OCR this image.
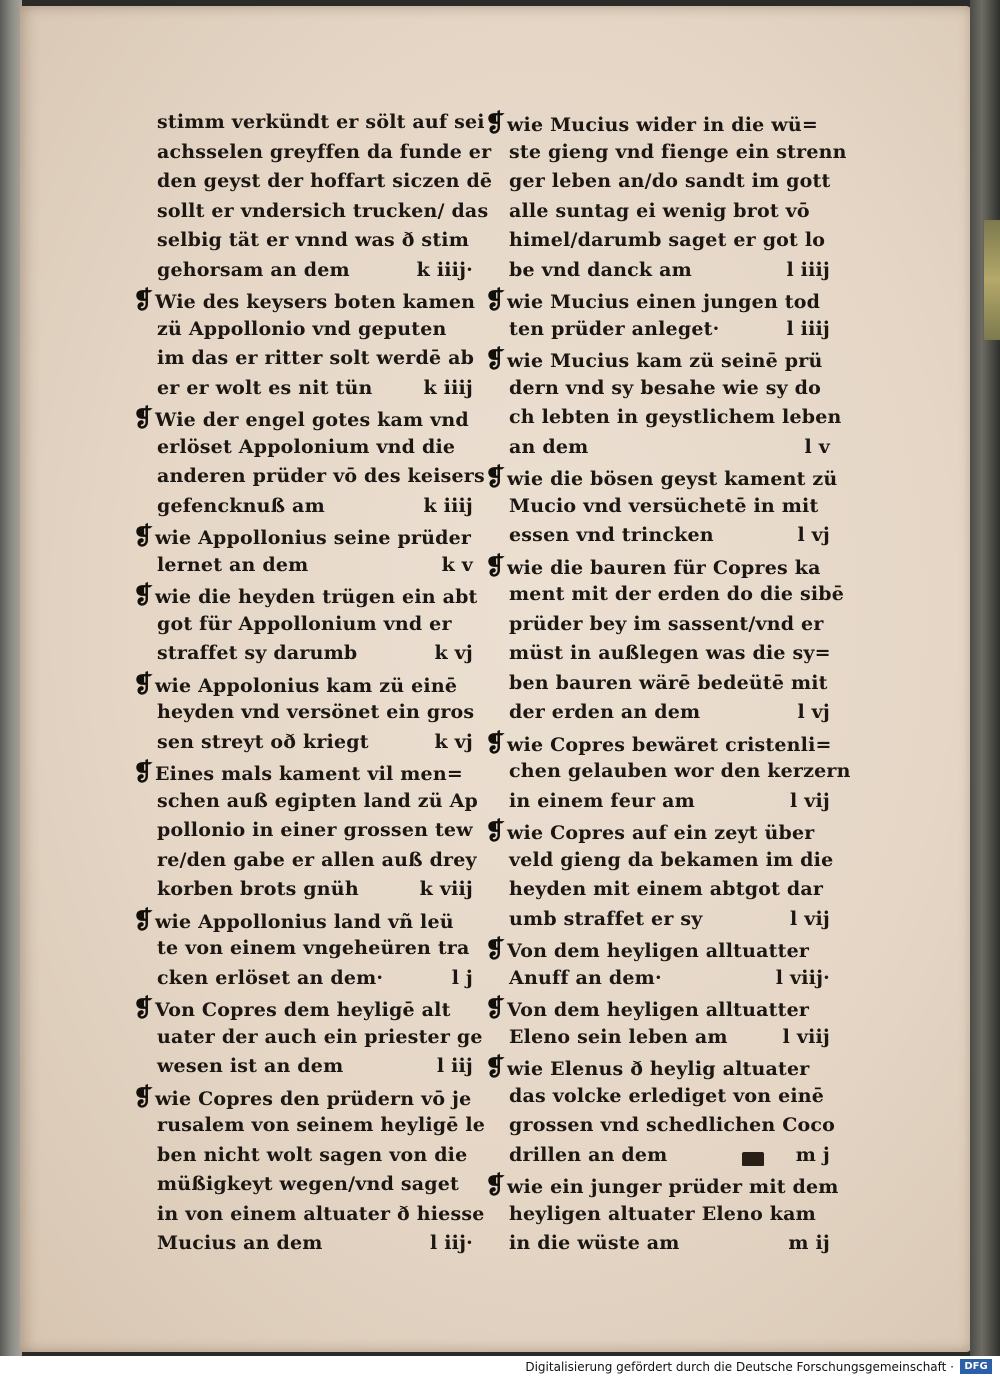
stimm verkündt er sölt auf sei
achsselen greyffen da funde er
den geyst der hoffart siczen dē
sollt er vndersich trucken/ das
selbig tät er vnnd was ð stim
gehorsam an dem	k iiij·
❡Wie des keysers boten kamen
zü Appollonio vnd geputen
im das er ritter solt werdē ab
er er wolt es nit tün	k iiij
❡Wie der engel gotes kam vnd
erlöset Appolonium vnd die
anderen prüder vō des keisers
gefencknuß am	k iiij
❡wie Appollonius seine prüder
lernet an dem	k v
❡wie die heyden trügen ein abt
got für Appollonium vnd er
straffet sy darumb	k vj
❡wie Appolonius kam zü einē
heyden vnd versönet ein gros
sen streyt oð kriegt	k vj
❡Eines mals kament vil men=
schen auß egipten land zü Ap
pollonio in einer grossen tew
re/den gabe er allen auß drey
korben brots gnüh	k viij
❡wie Appollonius land vñ leü
te von einem vngeheüren tra
cken erlöset an dem·	l j
❡Von Copres dem heyligē alt
uater der auch ein priester ge
wesen ist an dem	l iij
❡wie Copres den prüdern vō je
rusalem von seinem heyligē le
ben nicht wolt sagen von die
müßigkeyt wegen/vnd saget
in von einem altuater ð hiesse
Mucius an dem	l iij·
❡wie Mucius wider in die wü=
ste gieng vnd fienge ein strenn
ger leben an/do sandt im gott
alle suntag ei wenig brot vō
himel/darumb saget er got lo
be vnd danck am	l iiij
❡wie Mucius einen jungen tod
ten prüder anleget·	l iiij
❡wie Mucius kam zü seinē prü
dern vnd sy besahe wie sy do
ch lebten in geystlichem leben
an dem	l v
❡wie die bösen geyst kament zü
Mucio vnd versüchetē in mit
essen vnd trincken	l vj
❡wie die bauren für Copres ka
ment mit der erden do die sibē
prüder bey im sassent/vnd er
müst in außlegen was die sy=
ben bauren wärē bedeütē mit
der erden an dem	l vj
❡wie Copres bewäret cristenli=
chen gelauben wor den kerzern
in einem feur am	l vij
❡wie Copres auf ein zeyt über
veld gieng da bekamen im die
heyden mit einem abtgot dar
umb straffet er sy	l vij
❡Von dem heyligen alltuatter
Anuff an dem·	l viij·
❡Von dem heyligen alltuatter
Eleno sein leben am	l viij
❡wie Elenus ð heylig altuater
das volcke erlediget von einē
grossen vnd schedlichen Coco
drillen an dem	m j
❡wie ein junger prüder mit dem
heyligen altuater Eleno kam
in die wüste am	m ij
Digitalisierung gefördert durch die Deutsche Forschungsgemeinschaft ·	DFG
